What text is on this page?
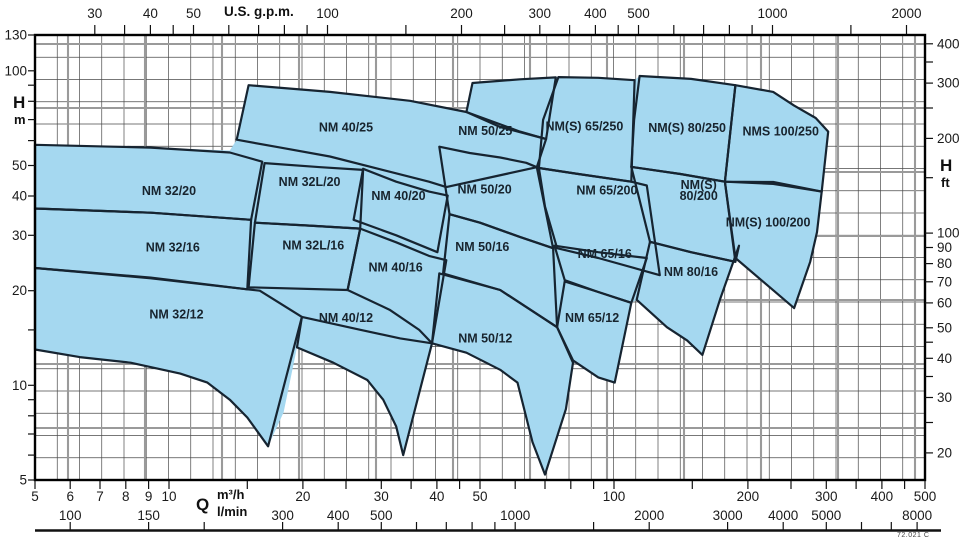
NM 32/20
NM 32L/20
NM 40/25	NM 50/25	NM(S) 65/250 NM(S) 80/250 NMS 100/250
NM 40/20	NM 50/20	NM 65/200	NM(S)
80/200
NM(S) 100/200
NM 32/16	NM 32L/16
NM 40/16
NM 50/16	NM 65/16
NM 80/16
NM 32/12	NM 40/12
NM 50/12
NM 65/12
30	40 50	100	200	300 400 500	1000	2000
5 6 7 8 9 10	20	30	40 50	100	200	300 400 500
100	150	300 400 500	1000	2000	3000 4000 5000	8000
130
100
50
40
30
20
10
5
400
300
200
100
90
80
70
60
50
40
30
20
U.S. g.p.m.
Q
m³/h
l/min
H
m
H
ft
72.021 C
